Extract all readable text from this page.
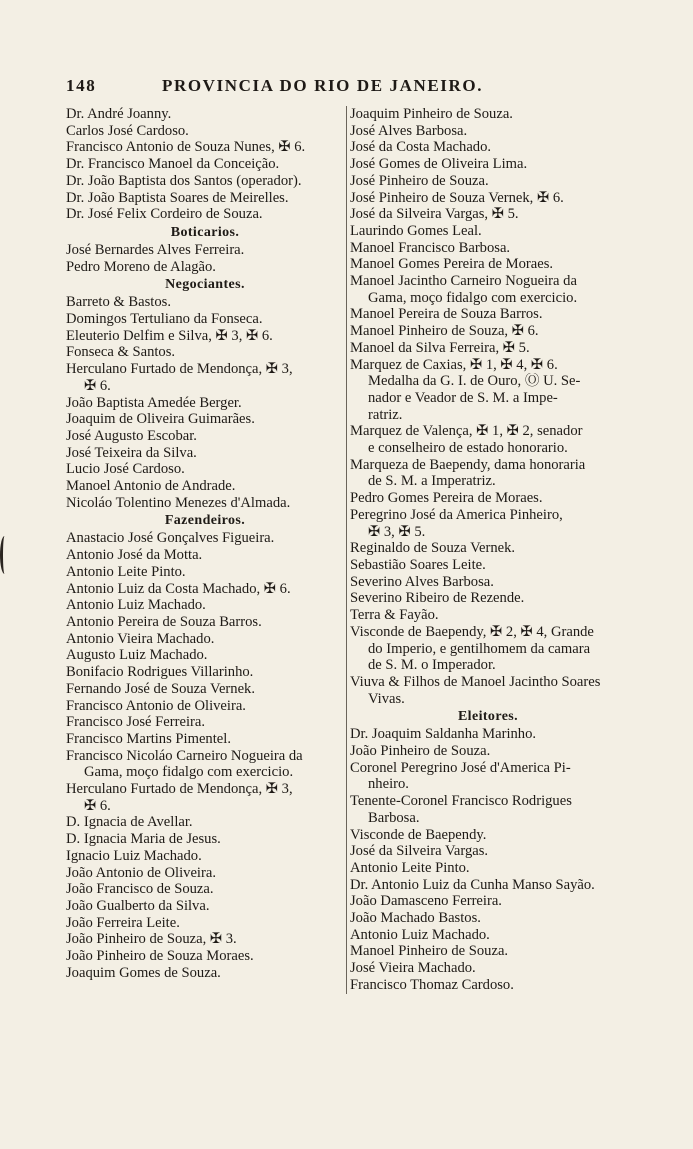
148	PROVINCIA DO RIO DE JANEIRO.
Dr. André Joanny.
Carlos José Cardoso.
Francisco Antonio de Souza Nunes, ✠ 6.
Dr. Francisco Manoel da Conceição.
Dr. João Baptista dos Santos (operador).
Dr. João Baptista Soares de Meirelles.
Dr. José Felix Cordeiro de Souza.
Boticarios.
José Bernardes Alves Ferreira.
Pedro Moreno de Alagão.
Negociantes.
Barreto & Bastos.
Domingos Tertuliano da Fonseca.
Eleuterio Delfim e Silva, ✠ 3, ✠ 6.
Fonseca & Santos.
Herculano Furtado de Mendonça, ✠ 3,
✠ 6.
João Baptista Amedée Berger.
Joaquim de Oliveira Guimarães.
José Augusto Escobar.
José Teixeira da Silva.
Lucio José Cardoso.
Manoel Antonio de Andrade.
Nicoláo Tolentino Menezes d'Almada.
Fazendeiros.
Anastacio José Gonçalves Figueira.
Antonio José da Motta.
Antonio Leite Pinto.
Antonio Luiz da Costa Machado, ✠ 6.
Antonio Luiz Machado.
Antonio Pereira de Souza Barros.
Antonio Vieira Machado.
Augusto Luiz Machado.
Bonifacio Rodrigues Villarinho.
Fernando José de Souza Vernek.
Francisco Antonio de Oliveira.
Francisco José Ferreira.
Francisco Martins Pimentel.
Francisco Nicoláo Carneiro Nogueira da
Gama, moço fidalgo com exercicio.
Herculano Furtado de Mendonça, ✠ 3,
✠ 6.
D. Ignacia de Avellar.
D. Ignacia Maria de Jesus.
Ignacio Luiz Machado.
João Antonio de Oliveira.
João Francisco de Souza.
João Gualberto da Silva.
João Ferreira Leite.
João Pinheiro de Souza, ✠ 3.
João Pinheiro de Souza Moraes.
Joaquim Gomes de Souza.
Joaquim Pinheiro de Souza.
José Alves Barbosa.
José da Costa Machado.
José Gomes de Oliveira Lima.
José Pinheiro de Souza.
José Pinheiro de Souza Vernek, ✠ 6.
José da Silveira Vargas, ✠ 5.
Laurindo Gomes Leal.
Manoel Francisco Barbosa.
Manoel Gomes Pereira de Moraes.
Manoel Jacintho Carneiro Nogueira da
Gama, moço fidalgo com exercicio.
Manoel Pereira de Souza Barros.
Manoel Pinheiro de Souza, ✠ 6.
Manoel da Silva Ferreira, ✠ 5.
Marquez de Caxias, ✠ 1, ✠ 4, ✠ 6.
Medalha da G. I. de Ouro, Ⓞ U. Se-
nador e Veador de S. M. a Impe-
ratriz.
Marquez de Valença, ✠ 1, ✠ 2, senador
e conselheiro de estado honorario.
Marqueza de Baependy, dama honoraria
de S. M. a Imperatriz.
Pedro Gomes Pereira de Moraes.
Peregrino José da America Pinheiro,
✠ 3, ✠ 5.
Reginaldo de Souza Vernek.
Sebastião Soares Leite.
Severino Alves Barbosa.
Severino Ribeiro de Rezende.
Terra & Fayão.
Visconde de Baependy, ✠ 2, ✠ 4, Grande
do Imperio, e gentilhomem da camara
de S. M. o Imperador.
Viuva & Filhos de Manoel Jacintho Soares
Vivas.
Eleitores.
Dr. Joaquim Saldanha Marinho.
João Pinheiro de Souza.
Coronel Peregrino José d'America Pi-
nheiro.
Tenente-Coronel Francisco Rodrigues
Barbosa.
Visconde de Baependy.
José da Silveira Vargas.
Antonio Leite Pinto.
Dr. Antonio Luiz da Cunha Manso Sayão.
João Damasceno Ferreira.
João Machado Bastos.
Antonio Luiz Machado.
Manoel Pinheiro de Souza.
José Vieira Machado.
Francisco Thomaz Cardoso.
